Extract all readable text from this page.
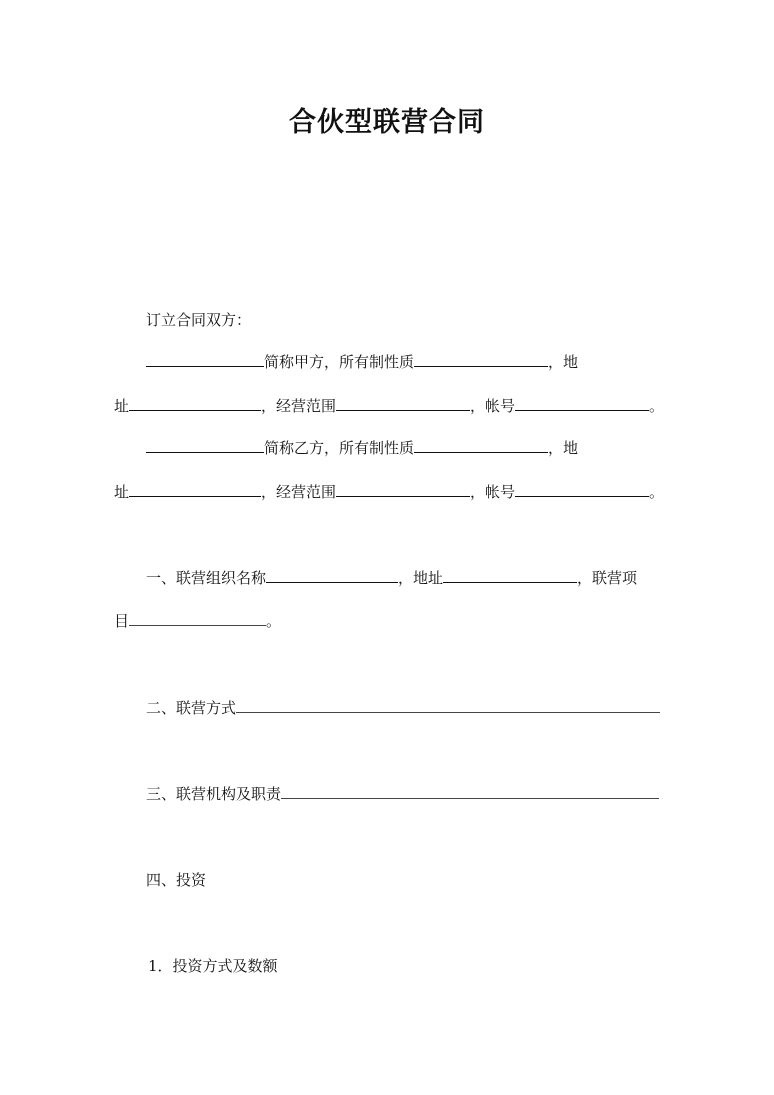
合伙型联营合同
订立合同双方：
简称甲方，所有制性质	，地
址	，经营范围	，帐号	。
简称乙方，所有制性质	，地
址	，经营范围	，帐号	。
一、联营组织名称	，地址	，联营项
目	。
二、联营方式
三、联营机构及职责
四、投资
1．投资方式及数额
